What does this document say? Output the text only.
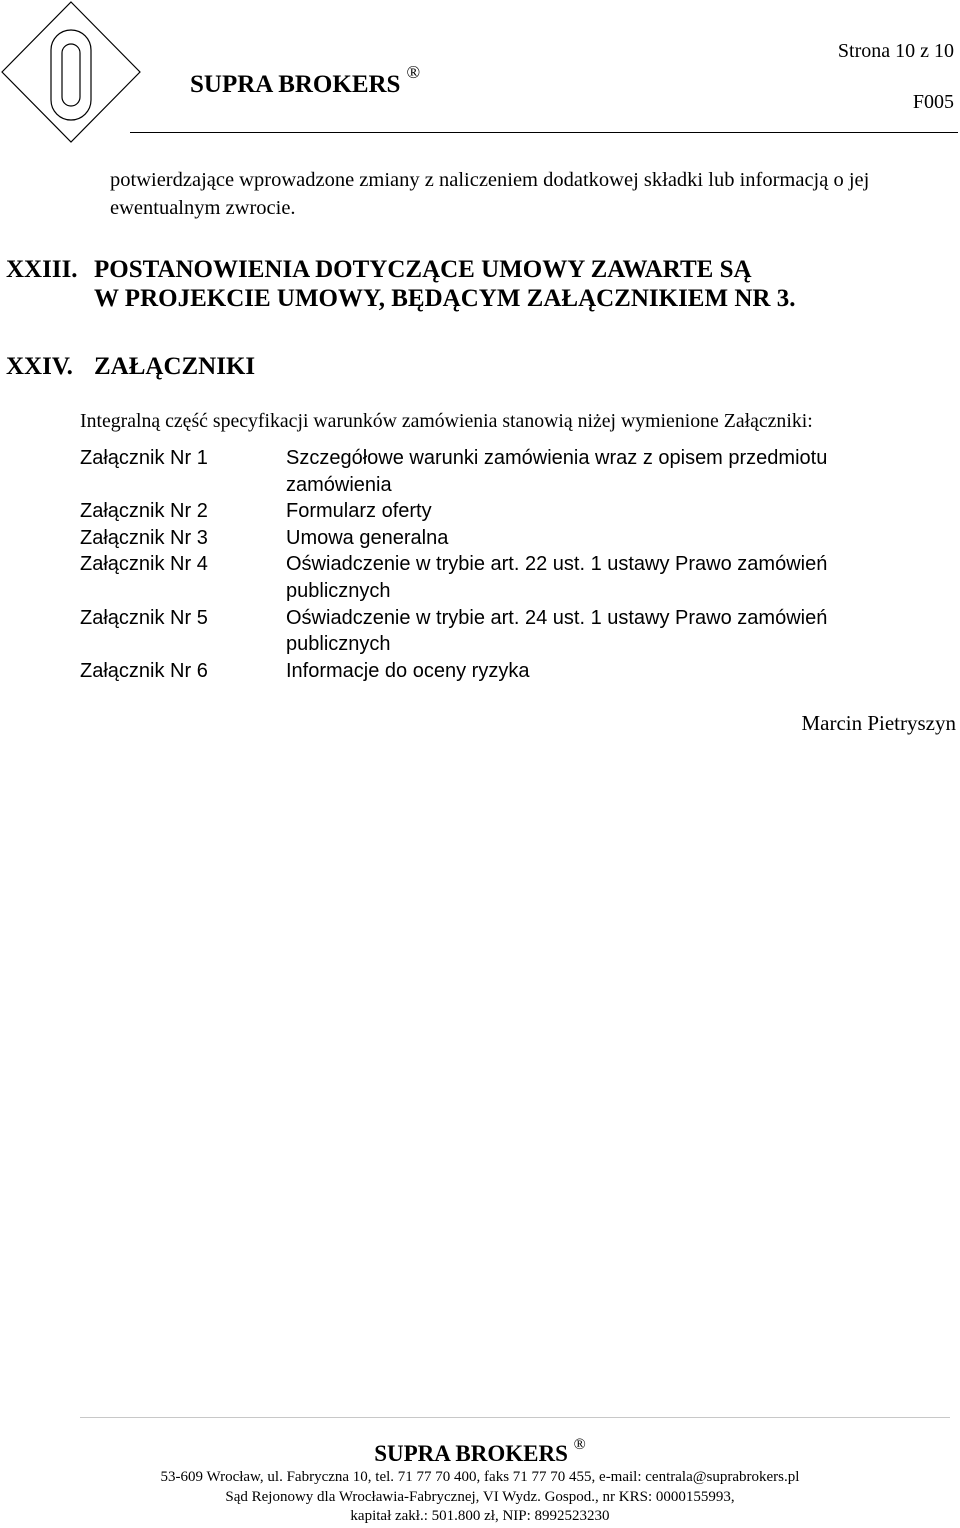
SUPRA BROKERS ®
Strona 10 z 10
F005
potwierdzające wprowadzone zmiany z naliczeniem dodatkowej składki lub informacją o jej ewentualnym zwrocie.
XXIII. POSTANOWIENIA DOTYCZĄCE UMOWY ZAWARTE SĄ
W PROJEKCIE UMOWY, BĘDĄCYM ZAŁĄCZNIKIEM NR 3.
XXIV. ZAŁĄCZNIKI
Integralną część specyfikacji warunków zamówienia stanowią niżej wymienione Załączniki:
Załącznik Nr 1	Szczegółowe warunki zamówienia wraz z opisem przedmiotu zamówienia
Załącznik Nr 2	Formularz oferty
Załącznik Nr 3	Umowa generalna
Załącznik Nr 4	Oświadczenie w trybie art. 22 ust. 1 ustawy Prawo zamówień publicznych
Załącznik Nr 5	Oświadczenie w trybie art. 24 ust. 1 ustawy Prawo zamówień publicznych
Załącznik Nr 6	Informacje do oceny ryzyka
Marcin Pietryszyn
SUPRA BROKERS ®
53-609 Wrocław, ul. Fabryczna 10, tel. 71 77 70 400, faks 71 77 70 455, e-mail: centrala@suprabrokers.pl
Sąd Rejonowy dla Wrocławia-Fabrycznej, VI Wydz. Gospod., nr KRS: 0000155993,
kapitał zakł.: 501.800 zł, NIP: 8992523230
